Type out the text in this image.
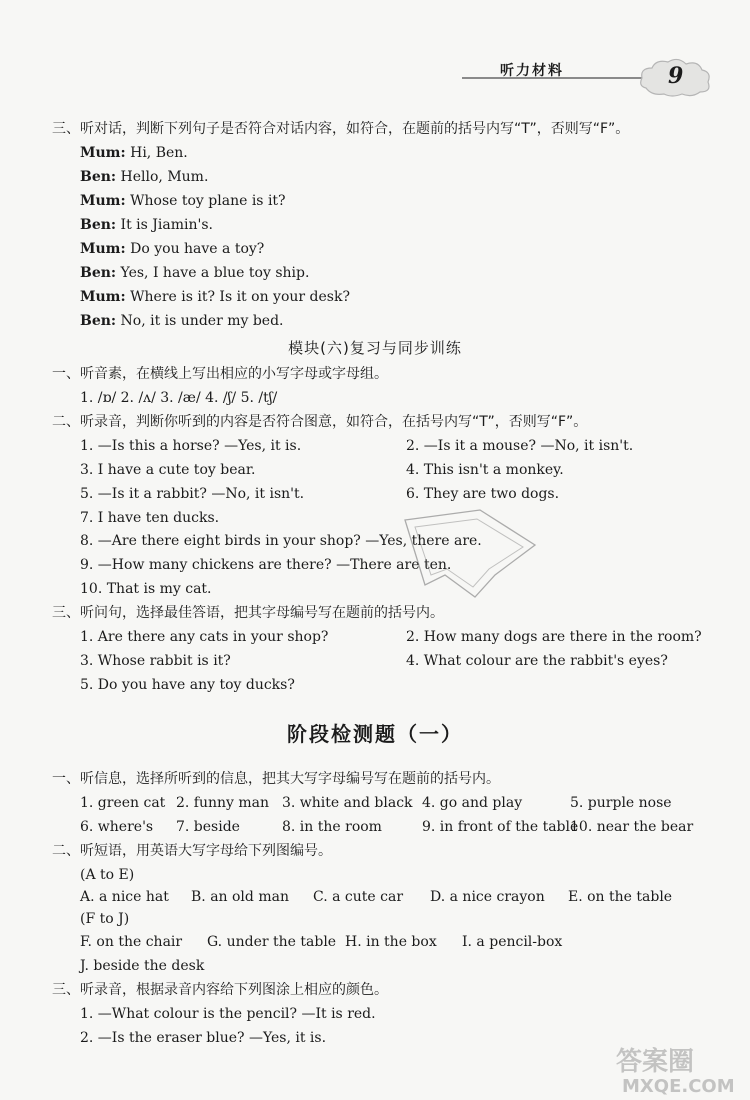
听力材料	9
三、听对话，判断下列句子是否符合对话内容，如符合，在题前的括号内写“T”，否则写“F”。
Mum: Hi, Ben.
Ben: Hello, Mum.
Mum: Whose toy plane is it?
Ben: It is Jiamin's.
Mum: Do you have a toy?
Ben: Yes, I have a blue toy ship.
Mum: Where is it? Is it on your desk?
Ben: No, it is under my bed.
模块(六)复习与同步训练
一、听音素，在横线上写出相应的小写字母或字母组。
1. /ɒ/ 2. /ʌ/ 3. /æ/ 4. /ʃ/ 5. /tʃ/
二、听录音，判断你听到的内容是否符合图意，如符合，在括号内写“T”，否则写“F”。
1. —Is this a horse? —Yes, it is.	2. —Is it a mouse? —No, it isn't.
3. I have a cute toy bear.	4. This isn't a monkey.
5. —Is it a rabbit? —No, it isn't.	6. They are two dogs.
7. I have ten ducks.
8. —Are there eight birds in your shop? —Yes, there are.
9. —How many chickens are there? —There are ten.
10. That is my cat.
三、听问句，选择最佳答语，把其字母编号写在题前的括号内。
1. Are there any cats in your shop?	2. How many dogs are there in the room?
3. Whose rabbit is it?	4. What colour are the rabbit's eyes?
5. Do you have any toy ducks?
阶段检测题（一）
一、听信息，选择所听到的信息，把其大写字母编号写在题前的括号内。
1. green cat 2. funny man 3. white and black 4. go and play	5. purple nose
6. where's 7. beside	8. in the room	9. in front of the table
10. near the bear
二、听短语，用英语大写字母给下列图编号。
(A to E)
A. a nice hat B. an old man C. a cute car D. a nice crayon E. on the table
(F to J)
F. on the chair G. under the table H. in the box I. a pencil-box
J. beside the desk
三、听录音，根据录音内容给下列图涂上相应的颜色。
1. —What colour is the pencil? —It is red.
2. —Is the eraser blue? —Yes, it is.
答案圈
MXQE.COM
